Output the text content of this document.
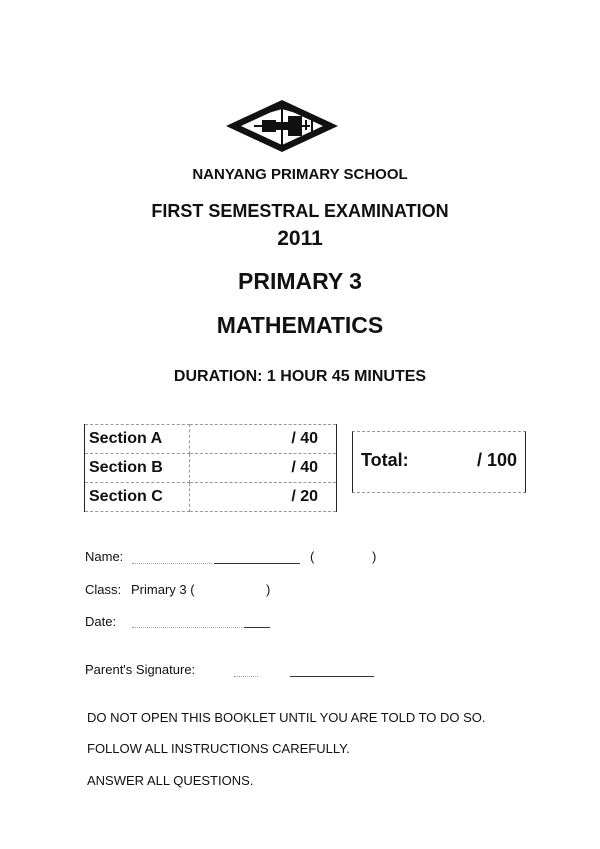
NANYANG PRIMARY SCHOOL
FIRST SEMESTRAL EXAMINATION
2011
PRIMARY 3
MATHEMATICS
DURATION: 1 HOUR 45 MINUTES
Section A	/ 40
Section B	/ 40
Section C	/ 20
Total:	/ 100
Name:	(	)
Class: Primary 3 (	)
Date:
Parent's Signature:
DO NOT OPEN THIS BOOKLET UNTIL YOU ARE TOLD TO DO SO.
FOLLOW ALL INSTRUCTIONS CAREFULLY.
ANSWER ALL QUESTIONS.
